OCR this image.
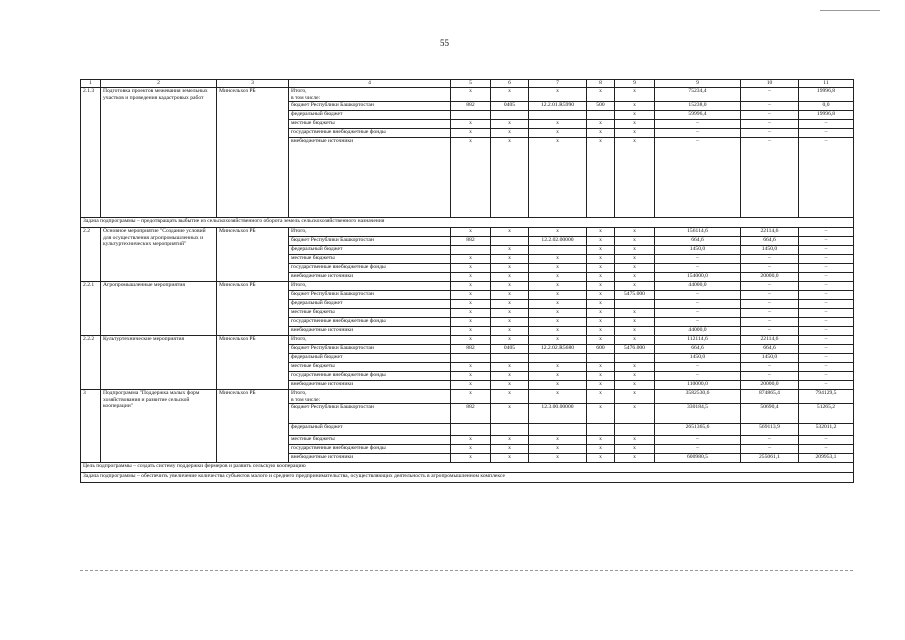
55
1	2	3	4	5	6	7	8	9	9	10	11
2.1.3	Подготовка проектов межевания земельных участков и проведения кадастровых работ	Минсельхоз РБ	Итого,
в том числе:	x	x	x	x	x	75234,4	–	19996,8
			бюджет Республики Башкортостан	882	0405	12.2.01.R5990	500	x	15238,0	–	0,0
			федеральный бюджет					x	59996,4	–	19996,8
			местные бюджеты	x	x	x	x	x	–	–	–
			государственные внебюджетные фонды	x	x	x	x	x	–	–	–
			внебюджетные источники	x	x	x	x	x	–	–	–
Задача подпрограммы – предотвращать выбытие из сельскохозяйственного оборота земель сельскохозяйственного назначения											
2.2	Основное мероприятие "Создание условий для осуществления агропромышленных и культуртехнических мероприятий"	Минсельхоз РБ	Итого,	x	x	x	x	x	156114,6	22114,6	–
			бюджет Республики Башкортостан	882		12.2.02.00000	x	x	664,6	664,6	–
			федеральный бюджет		x		x	x	1450,0	1450,0	–
			местные бюджеты	x	x	x	x	x	–	–	–
			государственные внебюджетные фонды	x	x	x	x	x	–	–	–
			внебюджетные источники	x	x	x	x	x	154000,0	20000,0	–
2.2.1	Агропромышленные мероприятия	Минсельхоз РБ	Итого,	x	x	x	x	x	44000,0	–	–
			бюджет Республики Башкортостан	x	x	x	x	5475.000	–	–	–
			федеральный бюджет	x	x	x	x		–	–	–
			местные бюджеты	x	x	x	x	x	–	–	–
			государственные внебюджетные фонды	x	x	x	x	x	–	–	–
			внебюджетные источники	x	x	x	x	x	44000,0	–	–
2.2.2	Культуртехнические мероприятия	Минсельхоз РБ	Итого,	x	x	x	x	x	112114,6	22114,6	–
			бюджет Республики Башкортостан	882	0405	12.2.02.R5680	600	5476.000	664,6	664,6	–
			федеральный бюджет						1450,0	1450,0	–
			местные бюджеты	x	x	x	x	x	–	–	–
			государственные внебюджетные фонды	x	x	x	x	x	–	–	–
			внебюджетные источники	x	x	x	x	x	110000,0	20000,0	–
3	Подпрограмма "Поддержка малых форм хозяйствования и развитие сельской кооперации"	Минсельхоз РБ	Итого,
в том числе:	x	x	x	x	x	3582530,6	874865,4	794129,5
			бюджет Республики Башкортостан	882	x	12.3.00.00000	x	x	330184,5	50690,4	51265,2
			федеральный бюджет						2651365,6	569113,9	532011,2
			местные бюджеты	x	x	x	x	x	–	–	–
			государственные внебюджетные фонды	x	x	x	x	x	–	–	–
			внебюджетные источники	x	x	x	x	x	600980,5	255061,1	209953,1
Цель подпрограммы – создать систему поддержки фермеров и развить сельскую кооперацию											
Задача подпрограммы – обеспечить увеличение количества субъектов малого и среднего предпринимательства, осуществляющих деятельность в агропромышленном комплексе											
